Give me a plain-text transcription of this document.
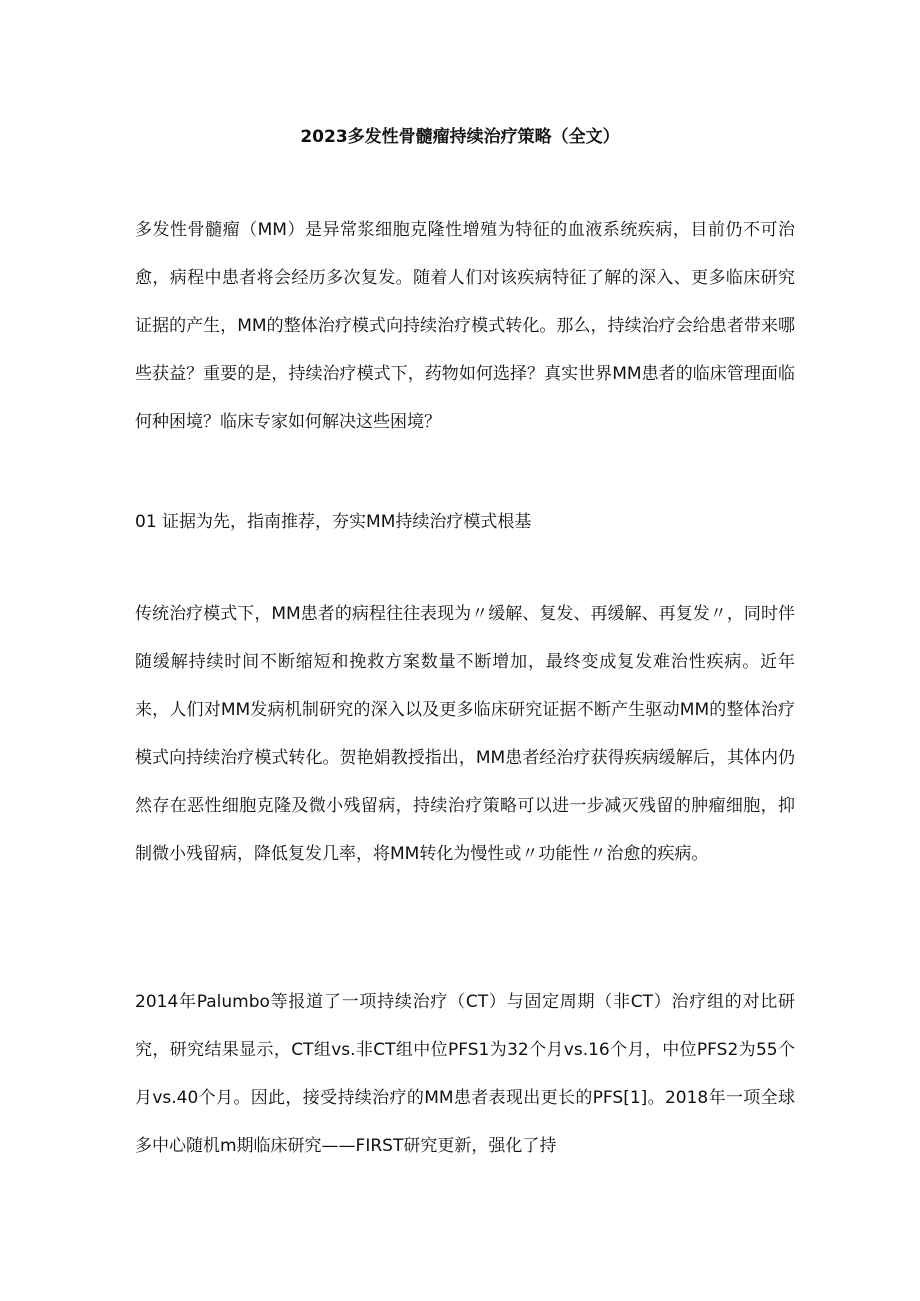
2023多发性骨髓瘤持续治疗策略（全文）

多发性骨髓瘤（MM）是异常浆细胞克隆性增殖为特征的血液系统疾病，目前仍不可治愈，病程中患者将会经历多次复发。随着人们对该疾病特征了解的深入、更多临床研究证据的产生，MM的整体治疗模式向持续治疗模式转化。那么，持续治疗会给患者带来哪些获益？重要的是，持续治疗模式下，药物如何选择？真实世界MM患者的临床管理面临何种困境？临床专家如何解决这些困境？

01 证据为先，指南推荐，夯实MM持续治疗模式根基

传统治疗模式下，MM患者的病程往往表现为〃缓解、复发、再缓解、再复发〃，同时伴随缓解持续时间不断缩短和挽救方案数量不断增加，最终变成复发难治性疾病。近年来，人们对MM发病机制研究的深入以及更多临床研究证据不断产生驱动MM的整体治疗模式向持续治疗模式转化。贺艳娟教授指出，MM患者经治疗获得疾病缓解后，其体内仍然存在恶性细胞克隆及微小残留病，持续治疗策略可以进一步减灭残留的肿瘤细胞，抑制微小残留病，降低复发几率，将MM转化为慢性或〃功能性〃治愈的疾病。

2014年Palumbo等报道了一项持续治疗（CT）与固定周期（非CT）治疗组的对比研究，研究结果显示，CT组vs.非CT组中位PFS1为32个月vs.16个月，中位PFS2为55个月vs.40个月。因此，接受持续治疗的MM患者表现出更长的PFS[1]。2018年一项全球多中心随机m期临床研究——FIRST研究更新，强化了持
